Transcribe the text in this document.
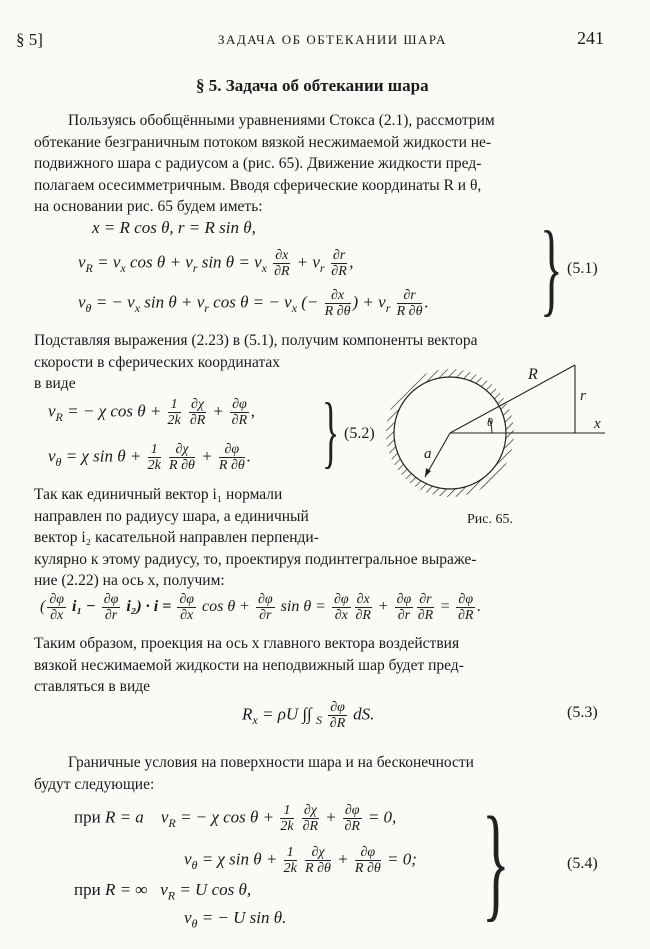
§ 5]	ЗАДАЧА ОБ ОБТЕКАНИИ ШАРА	241
§ 5. Задача об обтекании шара
Пользуясь обобщёнными уравнениями Стокса (2.1), рассмотрим
обтекание безграничным потоком вязкой несжимаемой жидкости не-
подвижного шара с радиусом a (рис. 65). Движение жидкости пред-
полагаем осесимметричным. Вводя сферические координаты R и θ,
на основании рис. 65 будем иметь:
x = R cos θ, r = R sin θ,
$v_R = v_x$ $\cos \theta + v_r$ $\sin \theta = v_x \frac{\partial x}{\partial R} + v_r \frac{\partial r}{\partial R}$ ,
$v_\theta$ = − $v_x$ $\sin \theta + v_r$ cos θ = − $v_x$ (− $\frac{\partial x}{R \partial\theta}$ ) + $v_r \frac{\partial r}{R \partial\theta}$ . } (5.1)
Подставляя выражения (2.23) в (5.1), получим компоненты вектора
скорости в сферических координатах
в виде
$v_R$ = − χ $\cos \theta + \frac{1}{2k}$
$\frac{\partial\chi}{\partial R} + \frac{\partial\varphi}{\partial R}$ ,
$v_\theta = \chi$ $\sin \theta + \frac{1}{2k}$
$\frac{\partial\chi}{R \partial\theta} + \frac{\partial\varphi}{R \partial\theta}$ . } (5.2)
R
r
x
θ
a
Рис. 65.
Так как единичный вектор i₁ нормали
направлен по радиусу шара, а единичный
вектор i₂ касательной направлен перпенди-
кулярно к этому радиусу, то, проектируя подинтегральное выраже-
ние (2.22) на ось x, получим:
( $\frac{\partial\varphi}{\partial x} i_1 - \frac{\partial\varphi}{\partial r} i_2) \cdot i = \frac{\partial\varphi}{\partial x}$ $\cos \theta + \frac{\partial\varphi}{\partial r}$ $\sin \theta = \frac{\partial\varphi}{\partial x} \frac{\partial x}{\partial R} + \frac{\partial\varphi}{\partial r} \frac{\partial r}{\partial R} = \frac{\partial\varphi}{\partial R}$ .
Таким образом, проекция на ось x главного вектора воздействия
вязкой несжимаемой жидкости на неподвижный шар будет пред-
ставляться в виде
$R_x = \rho U$ ∫∫ $_S \frac{\partial\varphi}{\partial R}$ dS.	(5.3)
Граничные условия на поверхности шара и на бесконечности
будут следующие:
при R = a $v_R$ = − χ $\cos \theta + \frac{1}{2k}$
$\frac{\partial\chi}{\partial R} + \frac{\partial\varphi}{\partial R} = 0$,
$v_\theta = \chi$ $\sin \theta + \frac{1}{2k}$
$\frac{\partial\chi}{R \partial\theta} + \frac{\partial\varphi}{R \partial\theta} = 0$;
при R = ∞ $v_R = U$ cos θ,
$v_\theta$ = − U sin θ. }	(5.4)
